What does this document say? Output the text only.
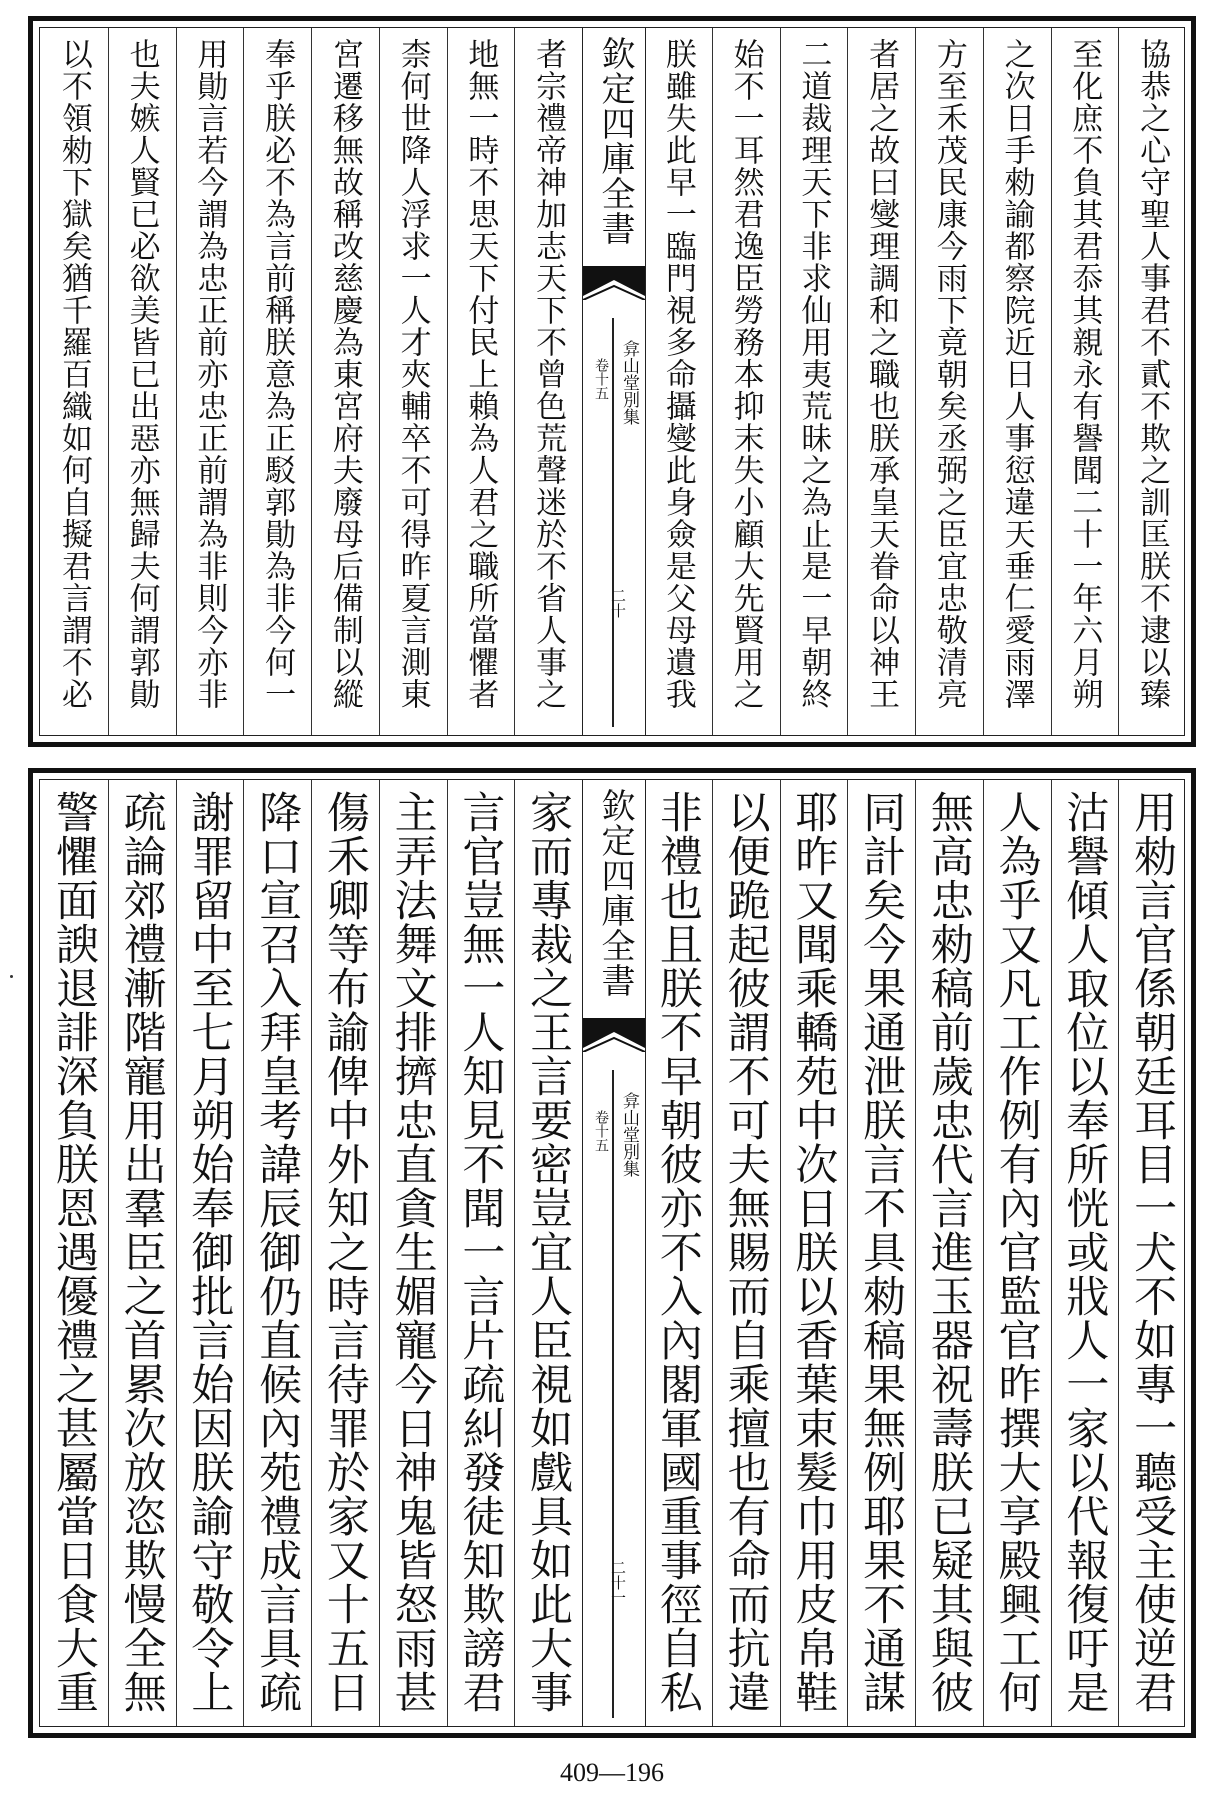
協恭之心守聖人事君不貳不欺之訓匡朕不逮以臻
至化庶不負其君忝其親永有譽聞二十一年六月朔
之次日手勑諭都察院近日人事愆違天垂仁愛雨澤
方至禾茂民康今雨下竟朝矣丞弼之臣宜忠敬清亮
者居之故曰燮理調和之職也朕承皇天眷命以神王
二道裁理天下非求仙用夷荒昧之為止是一早朝終
始不一耳然君逸臣勞務本抑末失小顧大先賢用之
朕雖失此早一臨門視多命攝燮此身僉是父母遺我
欽定四庫全書
弇山堂別集
卷十五
二十
者宗禮帝神加志天下不曾色荒聲迷於不省人事之
地無一時不思天下付民上賴為人君之職所當懼者
柰何世降人浮求一人才夾輔卒不可得昨夏言測東
宮遷移無故稱改慈慶為東宮府夫廢母后備制以縱
奉乎朕必不為言前稱朕意為正駁郭勛為非今何一
用勛言若今謂為忠正前亦忠正前謂為非則今亦非
也夫嫉人賢已必欲美皆已出惡亦無歸夫何謂郭勛
以不領勑下獄矣猶千羅百織如何自擬君言謂不必
用勑言官係朝廷耳目一犬不如專一聽受主使逆君
沽譽傾人取位以奉所恍或戕人一家以代報復吁是
人為乎又凡工作例有內官監官昨撰大享殿興工何
無高忠勑稿前歲忠代言進玉器祝壽朕已疑其與彼
同計矣今果通泄朕言不具勑稿果無例耶果不通謀
耶昨又聞乘轎苑中次日朕以香葉束髮巾用皮帛鞋
以便跪起彼謂不可夫無賜而自乘擅也有命而抗違
非禮也且朕不早朝彼亦不入內閣軍國重事徑自私
欽定四庫全書
弇山堂別集
卷十五
二十一
家而專裁之王言要密豈宜人臣視如戲具如此大事
言官豈無一人知見不聞一言片疏糾發徒知欺謗君
主弄法舞文排擠忠直貪生媚寵今日神鬼皆怒雨甚
傷禾卿等布諭俾中外知之時言待罪於家又十五日
降口宣召入拜皇考諱辰御仍直候內苑禮成言具疏
謝罪留中至七月朔始奉御批言始因朕諭守敬令上
疏論郊禮漸階寵用出羣臣之首累次放恣欺慢全無
警懼面諛退誹深負朕恩遇優禮之甚屬當日食大重
409—196
